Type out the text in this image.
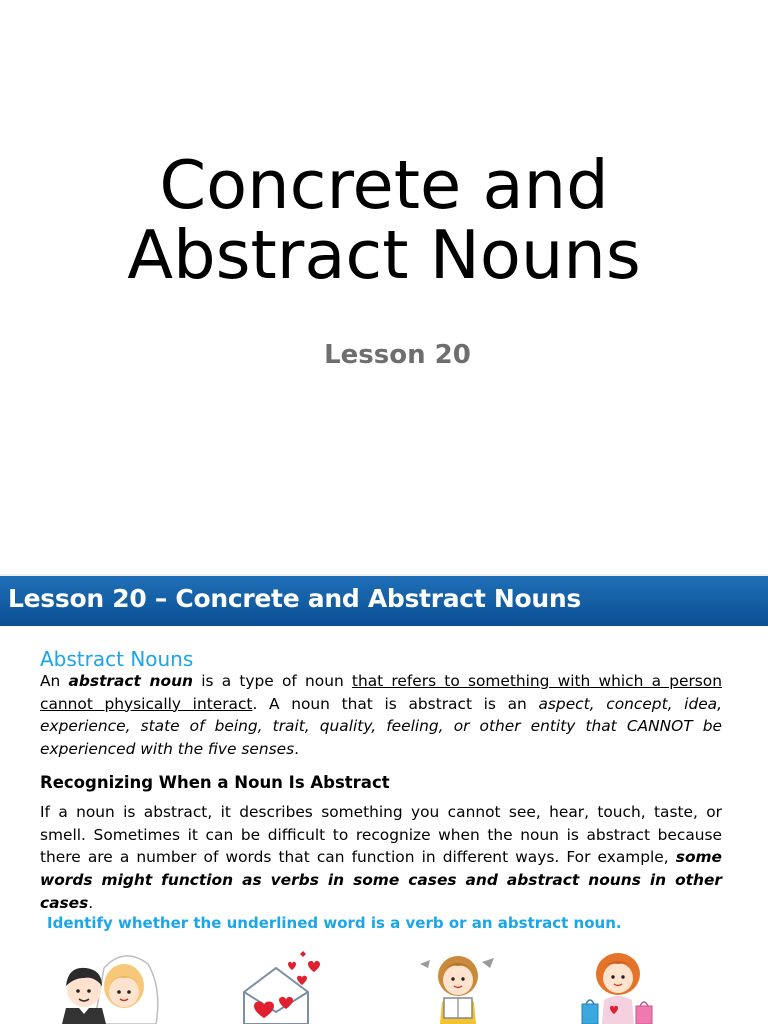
Concrete and
Abstract Nouns
Lesson 20
Lesson 20 – Concrete and Abstract Nouns
Abstract Nouns
An abstract noun is a type of noun that refers to something with which a person cannot physically interact. A noun that is abstract is an aspect, concept, idea, experience, state of being, trait, quality, feeling, or other entity that CANNOT be experienced with the five senses.
Recognizing When a Noun Is Abstract
If a noun is abstract, it describes something you cannot see, hear, touch, taste, or smell. Sometimes it can be difficult to recognize when the noun is abstract because there are a number of words that can function in different ways. For example, some words might function as verbs in some cases and abstract nouns in other cases.
Identify whether the underlined word is a verb or an abstract noun.
